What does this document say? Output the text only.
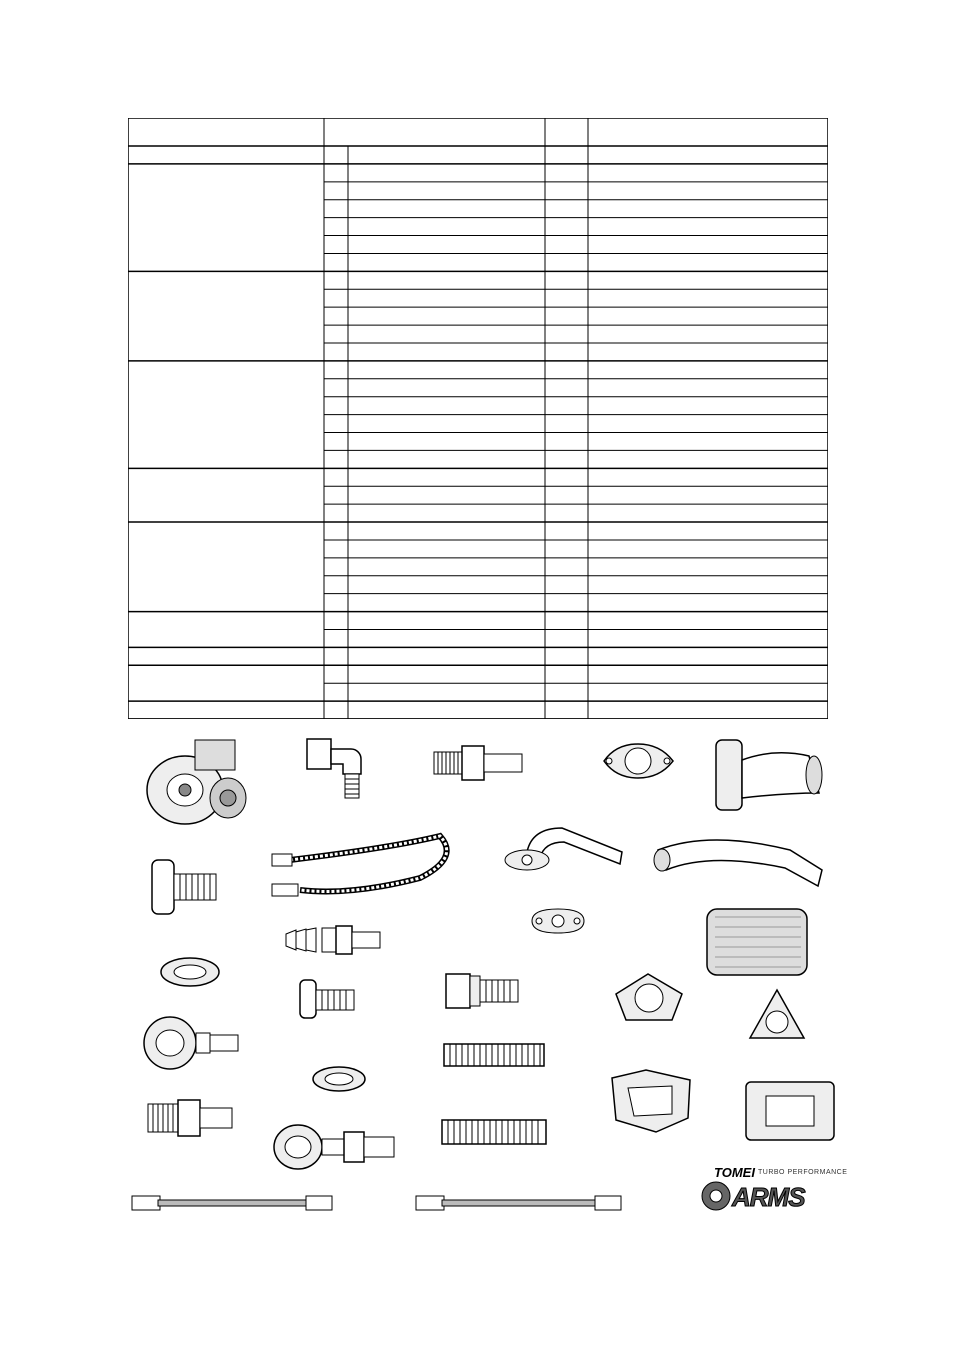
TOMEI TURBO PERFORMANCE
ARMS
